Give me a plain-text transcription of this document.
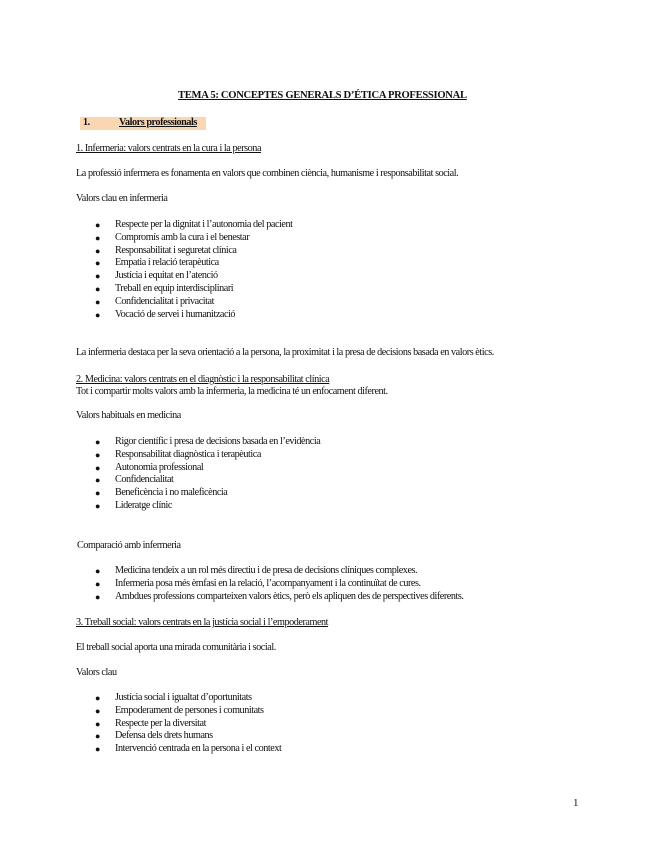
TEMA 5: CONCEPTES GENERALS D’ÉTICA PROFESSIONAL
1.	Valors professionals
1. Infermeria: valors centrats en la cura i la persona
La professió infermera es fonamenta en valors que combinen ciència, humanisme i responsabilitat social.
Valors clau en infermeria
● Respecte per la dignitat i l’autonomia del pacient
● Compromís amb la cura i el benestar
● Responsabilitat i seguretat clínica
● Empatia i relació terapèutica
● Justícia i equitat en l’atenció
● Treball en equip interdisciplinari
● Confidencialitat i privacitat
● Vocació de servei i humanització
La infermeria destaca per la seva orientació a la persona, la proximitat i la presa de decisions basada en valors ètics.
2. Medicina: valors centrats en el diagnòstic i la responsabilitat clínica
Tot i compartir molts valors amb la infermeria, la medicina té un enfocament diferent.
Valors habituals en medicina
● Rigor científic i presa de decisions basada en l’evidència
● Responsabilitat diagnòstica i terapèutica
● Autonomia professional
● Confidencialitat
● Beneficència i no maleficència
● Lideratge clínic
Comparació amb infermeria
● Medicina tendeix a un rol més directiu i de presa de decisions clíniques complexes.
● Infermeria posa més èmfasi en la relació, l’acompanyament i la continuïtat de cures.
● Ambdues professions comparteixen valors ètics, però els apliquen des de perspectives diferents.
3. Treball social: valors centrats en la justícia social i l’empoderament
El treball social aporta una mirada comunitària i social.
Valors clau
● Justícia social i igualtat d’oportunitats
● Empoderament de persones i comunitats
● Respecte per la diversitat
● Defensa dels drets humans
● Intervenció centrada en la persona i el context
1
